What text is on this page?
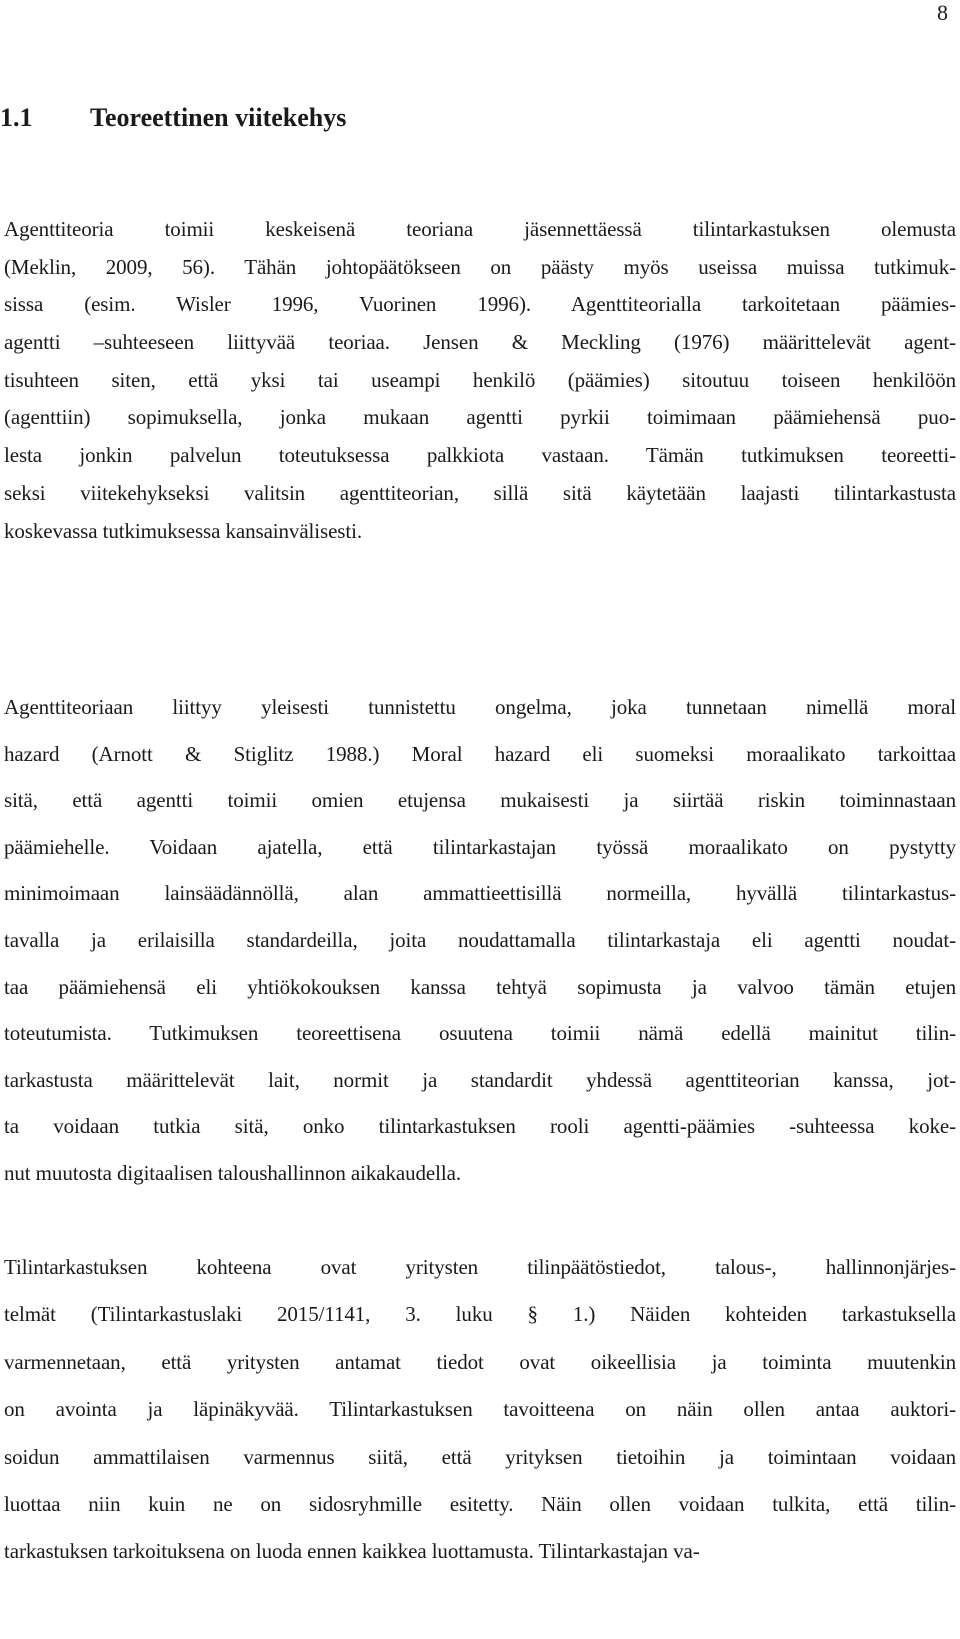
8
1.1 Teoreettinen viitekehys
Agenttiteoria toimii keskeisenä teoriana jäsennettäessä tilintarkastuksen olemusta
(Meklin, 2009, 56). Tähän johtopäätökseen on päästy myös useissa muissa tutkimuk-
sissa (esim. Wisler 1996, Vuorinen 1996). Agenttiteorialla tarkoitetaan päämies-
agentti –suhteeseen liittyvää teoriaa. Jensen & Meckling (1976) määrittelevät agent-
tisuhteen siten, että yksi tai useampi henkilö (päämies) sitoutuu toiseen henkilöön
(agenttiin) sopimuksella, jonka mukaan agentti pyrkii toimimaan päämiehensä puo-
lesta jonkin palvelun toteutuksessa palkkiota vastaan. Tämän tutkimuksen teoreetti-
seksi viitekehykseksi valitsin agenttiteorian, sillä sitä käytetään laajasti tilintarkastusta
koskevassa tutkimuksessa kansainvälisesti.
Agenttiteoriaan liittyy yleisesti tunnistettu ongelma, joka tunnetaan nimellä moral
hazard (Arnott & Stiglitz 1988.) Moral hazard eli suomeksi moraalikato tarkoittaa
sitä, että agentti toimii omien etujensa mukaisesti ja siirtää riskin toiminnastaan
päämiehelle. Voidaan ajatella, että tilintarkastajan työssä moraalikato on pystytty
minimoimaan lainsäädännöllä, alan ammattieettisillä normeilla, hyvällä tilintarkastus-
tavalla ja erilaisilla standardeilla, joita noudattamalla tilintarkastaja eli agentti noudat-
taa päämiehensä eli yhtiökokouksen kanssa tehtyä sopimusta ja valvoo tämän etujen
toteutumista. Tutkimuksen teoreettisena osuutena toimii nämä edellä mainitut tilin-
tarkastusta määrittelevät lait, normit ja standardit yhdessä agenttiteorian kanssa, jot-
ta voidaan tutkia sitä, onko tilintarkastuksen rooli agentti-päämies -suhteessa koke-
nut muutosta digitaalisen taloushallinnon aikakaudella.
Tilintarkastuksen kohteena ovat yritysten tilinpäätöstiedot, talous-, hallinnonjärjes-
telmät (Tilintarkastuslaki 2015/1141, 3. luku § 1.) Näiden kohteiden tarkastuksella
varmennetaan, että yritysten antamat tiedot ovat oikeellisia ja toiminta muutenkin
on avointa ja läpinäkyvää. Tilintarkastuksen tavoitteena on näin ollen antaa auktori-
soidun ammattilaisen varmennus siitä, että yrityksen tietoihin ja toimintaan voidaan
luottaa niin kuin ne on sidosryhmille esitetty. Näin ollen voidaan tulkita, että tilin-
tarkastuksen tarkoituksena on luoda ennen kaikkea luottamusta. Tilintarkastajan va-
